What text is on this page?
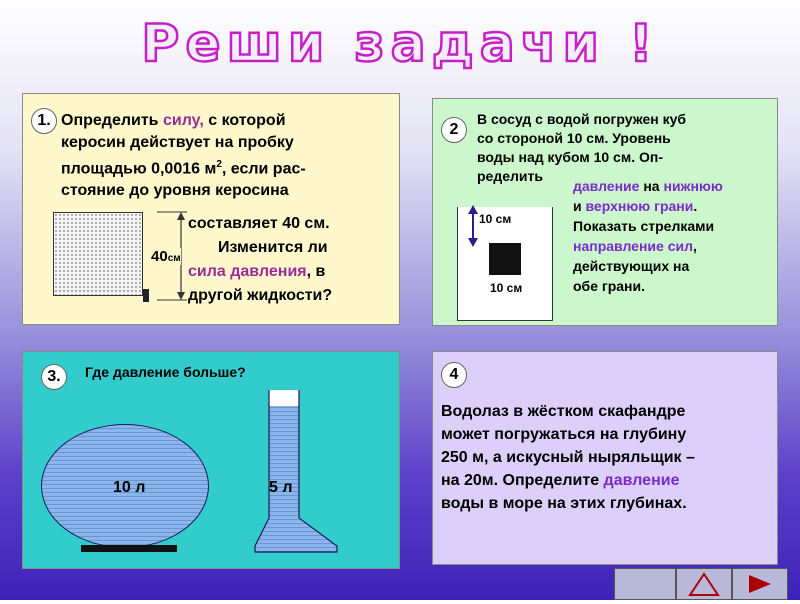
Реши задачи !
1. Определить силу, с которой
керосин действует на пробку
площадью 0,0016 $м^2$, если рас-
стояние до уровня керосина
составляет 40 см.
Изменится ли
сила давления, в
другой жидкости?
40см
2
В сосуд с водой погружен куб
со стороной 10 см. Уровень
воды над кубом 10 см. Оп-
ределить
давление на нижнюю
и верхнюю грани.
Показать стрелками
направление сил,
действующих на
обе грани.
10 см
10 см
3.	Где давление больше?
10 л	5 л
4
Водолаз в жёстком скафандре
может погружаться на глубину
250 м, а искусный ныряльщик –
на 20м. Определите давление
воды в море на этих глубинах.
